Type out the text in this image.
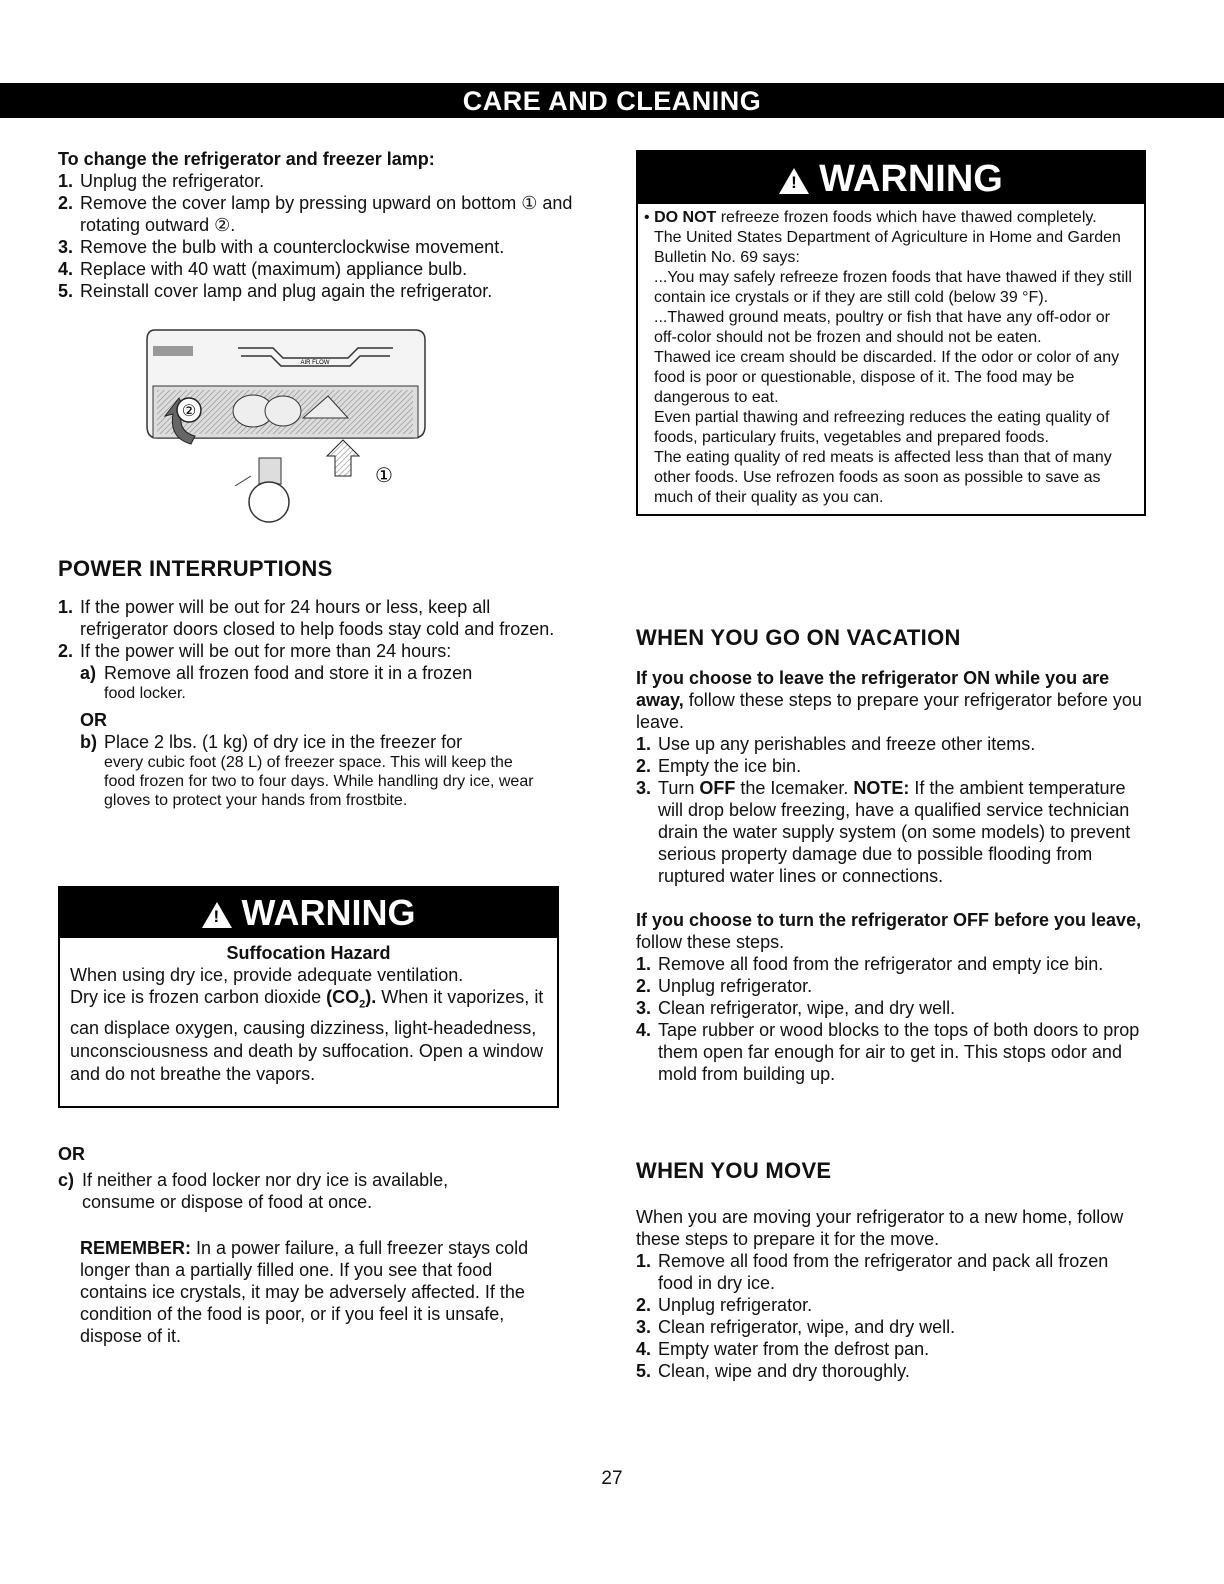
CARE AND CLEANING

To change the refrigerator and freezer lamp:

1. Unplug the refrigerator.
2. Remove the cover lamp by pressing upward on bottom ① and rotating outward ②.
3. Remove the bulb with a counterclockwise movement.
4. Replace with 40 watt (maximum) appliance bulb.
5. Reinstall cover lamp and plug again the refrigerator.
AIR FLOW
②
①

POWER INTERRUPTIONS

1. If the power will be out for 24 hours or less, keep all refrigerator doors closed to help foods stay cold and frozen.
2. If the power will be out for more than 24 hours:
a) Remove all frozen food and store it in a frozen
food locker.
OR
b) Place 2 lbs. (1 kg) of dry ice in the freezer for
every cubic foot (28 L) of freezer space. This will keep the food frozen for two to four days. While handling dry ice, wear gloves to protect your hands from frostbite.
!WARNING
Suffocation Hazard
When using dry ice, provide adequate ventilation.
Dry ice is frozen carbon dioxide $(CO_2)$. When it vaporizes, it can displace oxygen, causing dizziness, light-headedness, unconsciousness and death by suffocation. Open a window and do not breathe the vapors.
OR
c) If neither a food locker nor dry ice is available, consume or dispose of food at once.
REMEMBER: In a power failure, a full freezer stays cold longer than a partially filled one. If you see that food contains ice crystals, it may be adversely affected. If the condition of the food is poor, or if you feel it is unsafe, dispose of it.
!WARNING
• DO NOT refreeze frozen foods which have thawed completely.
The United States Department of Agriculture in Home and Garden Bulletin No. 69 says:
...You may safely refreeze frozen foods that have thawed if they still contain ice crystals or if they are still cold (below 39 °F).
...Thawed ground meats, poultry or fish that have any off-odor or off-color should not be frozen and should not be eaten.
Thawed ice cream should be discarded. If the odor or color of any food is poor or questionable, dispose of it. The food may be dangerous to eat.
Even partial thawing and refreezing reduces the eating quality of foods, particulary fruits, vegetables and prepared foods.
The eating quality of red meats is affected less than that of many other foods. Use refrozen foods as soon as possible to save as much of their quality as you can.

WHEN YOU GO ON VACATION

If you choose to leave the refrigerator ON while you are away, follow these steps to prepare your refrigerator before you leave.
1. Use up any perishables and freeze other items.
2. Empty the ice bin.
3. Turn OFF the Icemaker. NOTE: If the ambient temperature will drop below freezing, have a qualified service technician drain the water supply system (on some models) to prevent serious property damage due to possible flooding from ruptured water lines or connections.
If you choose to turn the refrigerator OFF before you leave, follow these steps.
1. Remove all food from the refrigerator and empty ice bin.
2. Unplug refrigerator.
3. Clean refrigerator, wipe, and dry well.
4. Tape rubber or wood blocks to the tops of both doors to prop them open far enough for air to get in. This stops odor and mold from building up.

WHEN YOU MOVE

When you are moving your refrigerator to a new home, follow these steps to prepare it for the move.
1. Remove all food from the refrigerator and pack all frozen food in dry ice.
2. Unplug refrigerator.
3. Clean refrigerator, wipe, and dry well.
4. Empty water from the defrost pan.
5. Clean, wipe and dry thoroughly.
27
